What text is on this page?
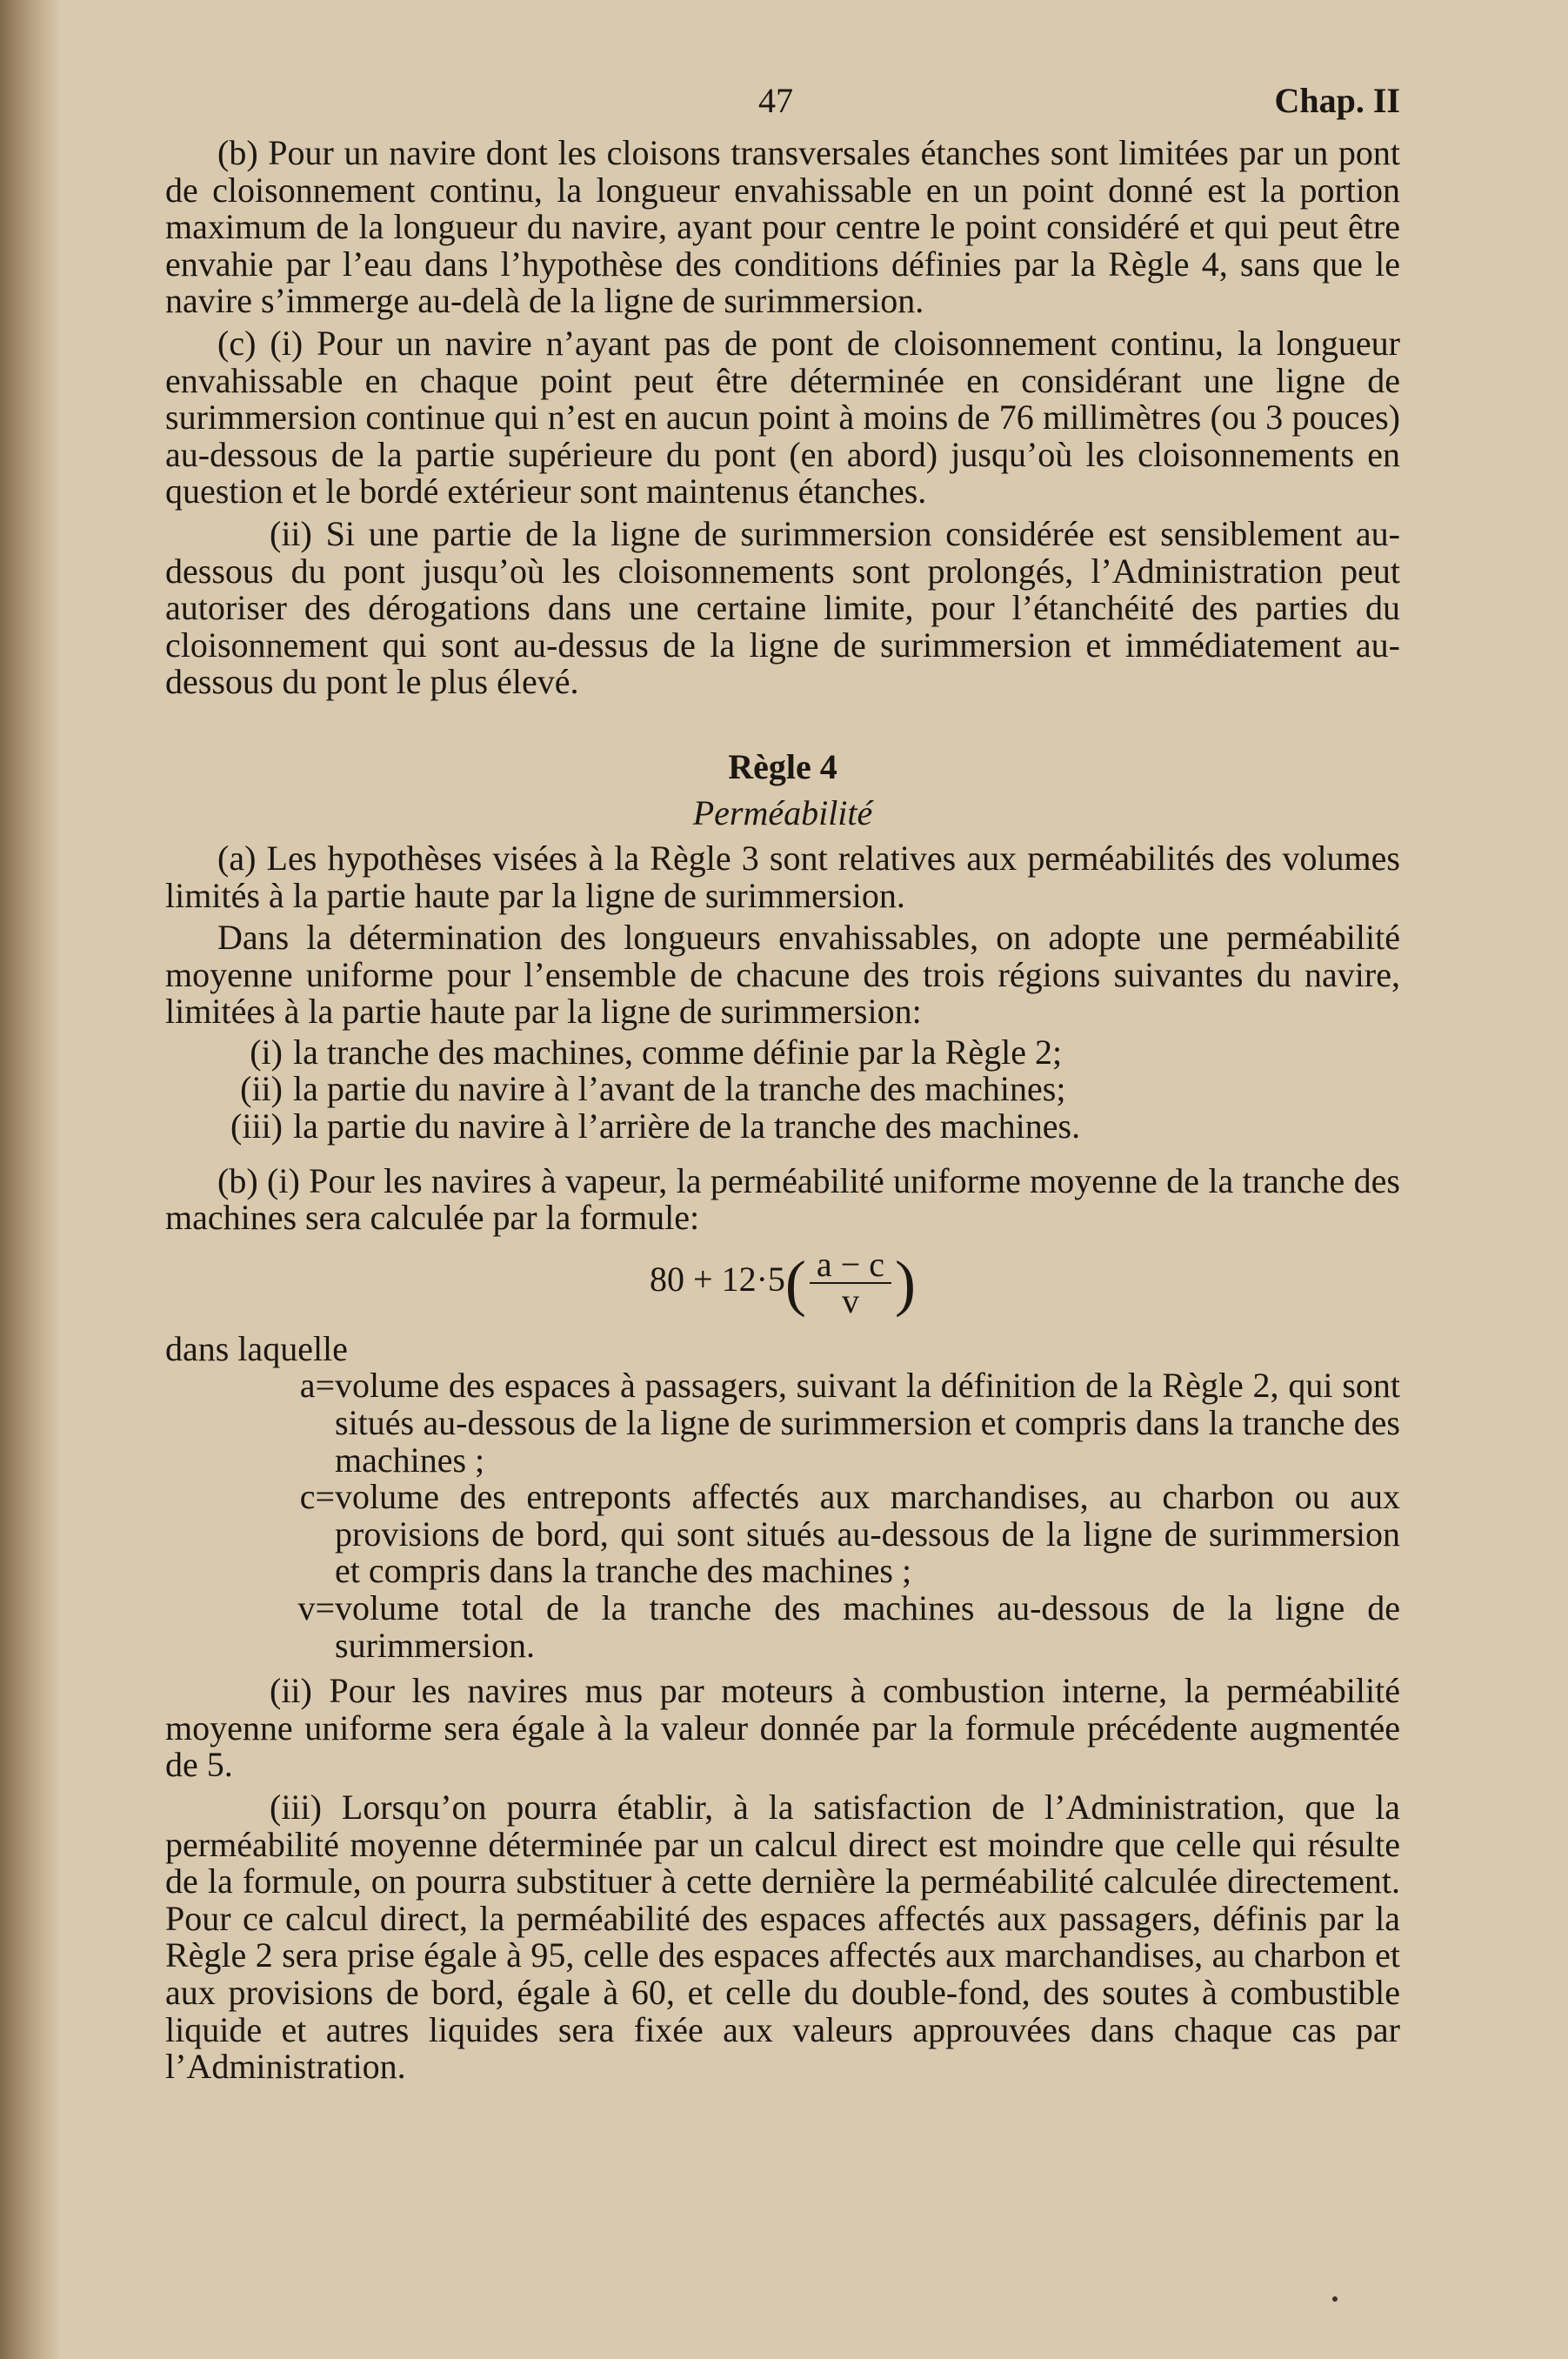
47	Chap. II

(b) Pour un navire dont les cloisons transversales étanches sont limitées par un pont de cloisonnement continu, la longueur envahissable en un point donné est la portion maximum de la longueur du navire, ayant pour centre le point considéré et qui peut être envahie par l’eau dans l’hypothèse des conditions définies par la Règle 4, sans que le navire s’immerge au-delà de la ligne de surimmersion.

(c) (i) Pour un navire n’ayant pas de pont de cloisonnement continu, la longueur envahissable en chaque point peut être déterminée en considérant une ligne de surimmersion continue qui n’est en aucun point à moins de 76 millimètres (ou 3 pouces) au-dessous de la partie supérieure du pont (en abord) jusqu’où les cloisonnements en question et le bordé extérieur sont maintenus étanches.

(ii) Si une partie de la ligne de surimmersion considérée est sensiblement au-dessous du pont jusqu’où les cloisonnements sont prolongés, l’Administration peut autoriser des dérogations dans une certaine limite, pour l’étanchéité des parties du cloisonnement qui sont au-dessus de la ligne de surimmersion et immédiatement au-dessous du pont le plus élevé.

Règle 4
Perméabilité

(a) Les hypothèses visées à la Règle 3 sont relatives aux perméabilités des volumes limités à la partie haute par la ligne de surimmersion.

Dans la détermination des longueurs envahissables, on adopte une perméabilité moyenne uniforme pour l’ensemble de chacune des trois régions suivantes du navire, limitées à la partie haute par la ligne de surimmersion:

(i) la tranche des machines, comme définie par la Règle 2;
(ii) la partie du navire à l’avant de la tranche des machines;
(iii) la partie du navire à l’arrière de la tranche des machines.

(b) (i) Pour les navires à vapeur, la perméabilité uniforme moyenne de la tranche des machines sera calculée par la formule:

$80 + 12\cdot 5( \frac{a - c}{v}$ )

dans laquelle

a= volume des espaces à passagers, suivant la définition de la Règle 2, qui sont situés au-dessous de la ligne de surimmersion et compris dans la tranche des machines ;
c= volume des entreponts affectés aux marchandises, au charbon ou aux provisions de bord, qui sont situés au-dessous de la ligne de surimmersion et compris dans la tranche des machines ;
v= volume total de la tranche des machines au-dessous de la ligne de surimmersion.

(ii) Pour les navires mus par moteurs à combustion interne, la perméabilité moyenne uniforme sera égale à la valeur donnée par la formule précédente augmentée de 5.

(iii) Lorsqu’on pourra établir, à la satisfaction de l’Administration, que la perméabilité moyenne déterminée par un calcul direct est moindre que celle qui résulte de la formule, on pourra substituer à cette dernière la perméabilité calculée directement. Pour ce calcul direct, la perméabilité des espaces affectés aux passagers, définis par la Règle 2 sera prise égale à 95, celle des espaces affectés aux marchandises, au charbon et aux provisions de bord, égale à 60, et celle du double-fond, des soutes à combustible liquide et autres liquides sera fixée aux valeurs approuvées dans chaque cas par l’Administration.
